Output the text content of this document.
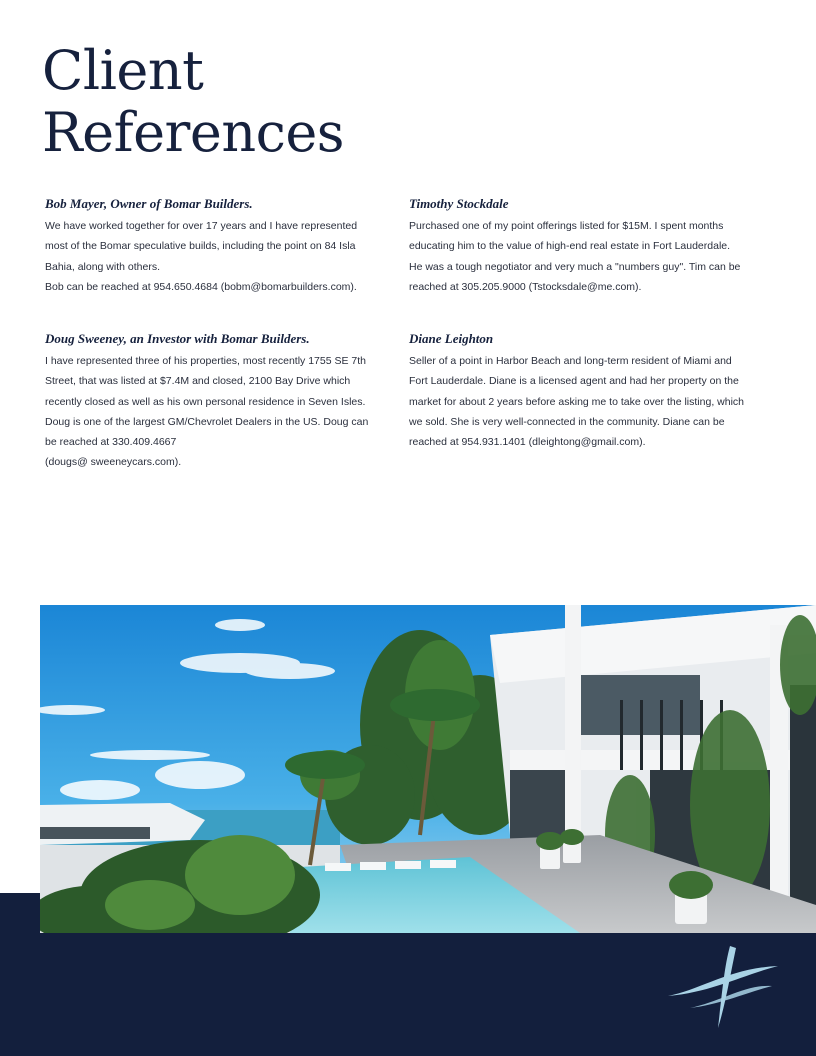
Client
References
Bob Mayer, Owner of Bomar Builders.

We have worked together for over 17 years and I have represented most of the Bomar speculative builds, including the point on 84 Isla Bahia, along with others.

Bob can be reached at 954.650.4684 (bobm@bomarbuilders.com).

Timothy Stockdale

Purchased one of my point offerings listed for $15M. I spent months educating him to the value of high-end real estate in Fort Lauderdale. He was a tough negotiator and very much a "numbers guy". Tim can be reached at 305.205.9000 (Tstocksdale@me.com).

Doug Sweeney, an Investor with Bomar Builders.

I have represented three of his properties, most recently 1755 SE 7th Street, that was listed at $7.4M and closed, 2100 Bay Drive which recently closed as well as his own personal residence in Seven Isles. Doug is one of the largest GM/Chevrolet Dealers in the US. Doug can be reached at 330.409.4667

(dougs@ sweeneycars.com).

Diane Leighton

Seller of a point in Harbor Beach and long-term resident of Miami and Fort Lauderdale. Diane is a licensed agent and had her property on the market for about 2 years before asking me to take over the listing, which we sold. She is very well-connected in the community. Diane can be reached at 954.931.1401 (dleightong@gmail.com).
